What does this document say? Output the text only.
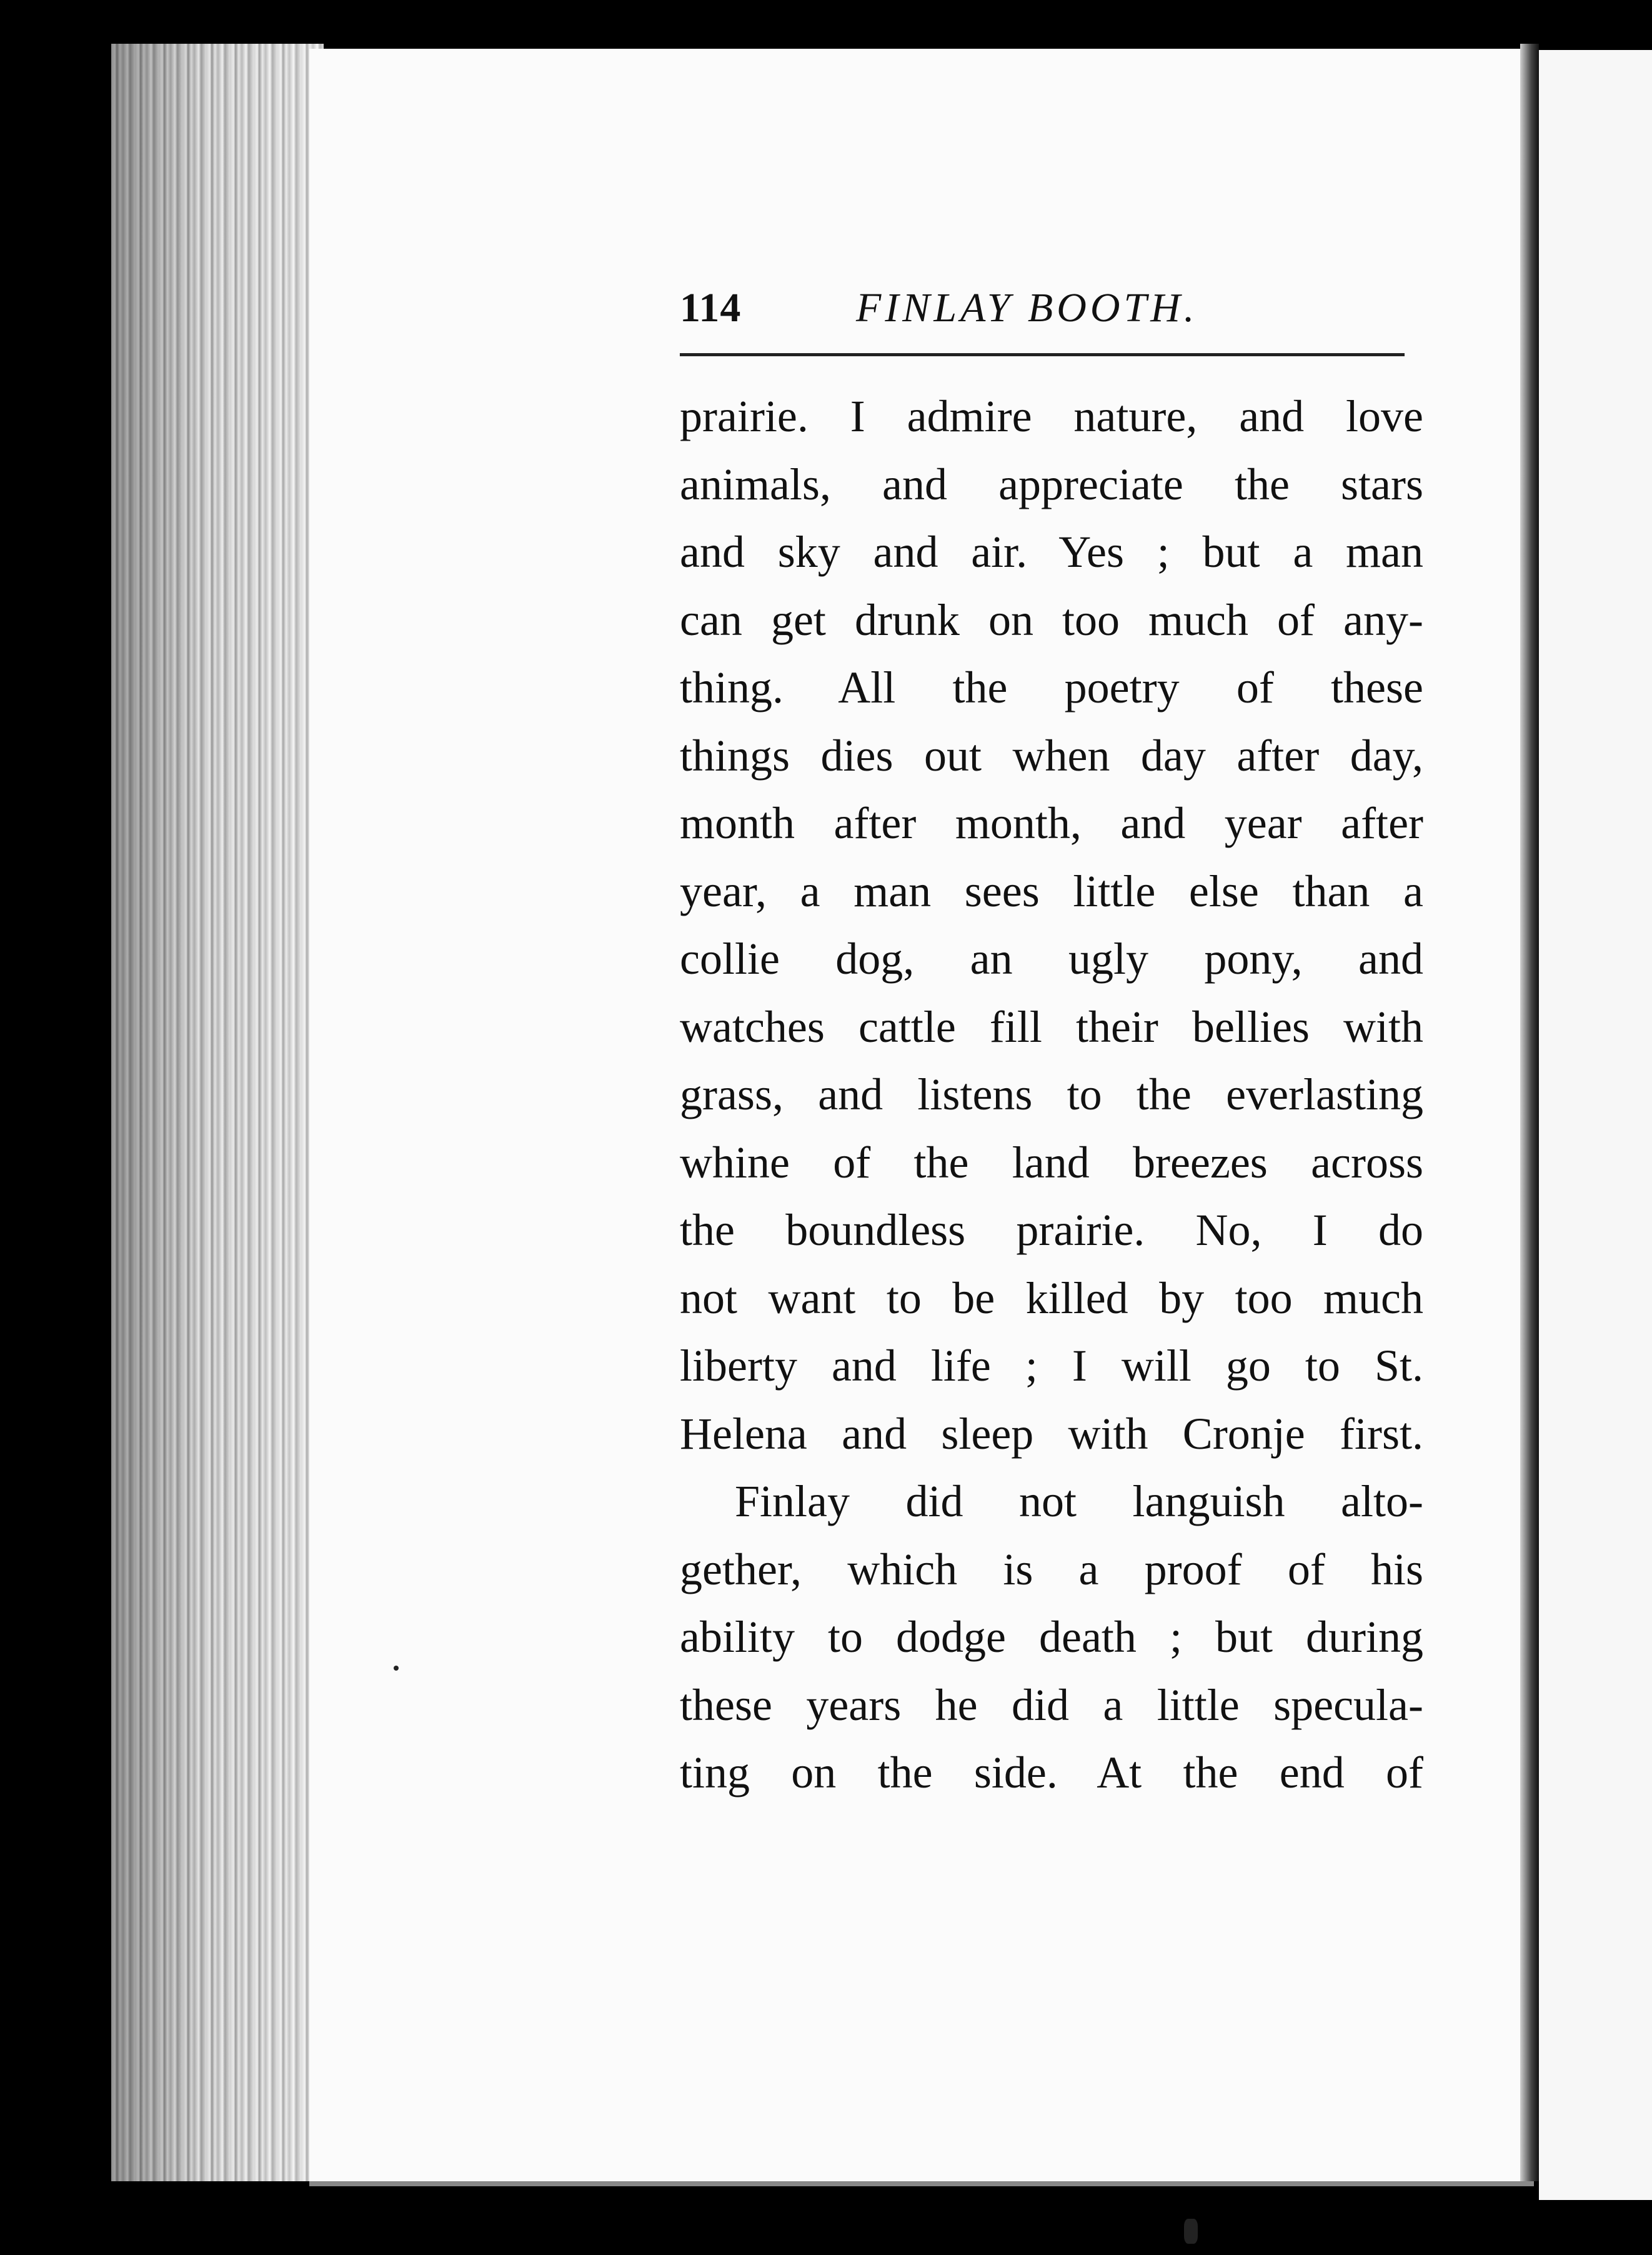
114	FINLAY BOOTH.
prairie. I admire nature, and love
animals, and appreciate the stars
and sky and air. Yes ; but a man
can get drunk on too much of any-
thing. All the poetry of these
things dies out when day after day,
month after month, and year after
year, a man sees little else than a
collie dog, an ugly pony, and
watches cattle fill their bellies with
grass, and listens to the everlasting
whine of the land breezes across
the boundless prairie. No, I do
not want to be killed by too much
liberty and life ; I will go to St.
Helena and sleep with Cronje first.
Finlay did not languish alto-
gether, which is a proof of his
ability to dodge death ; but during
these years he did a little specula-
ting on the side. At the end of
